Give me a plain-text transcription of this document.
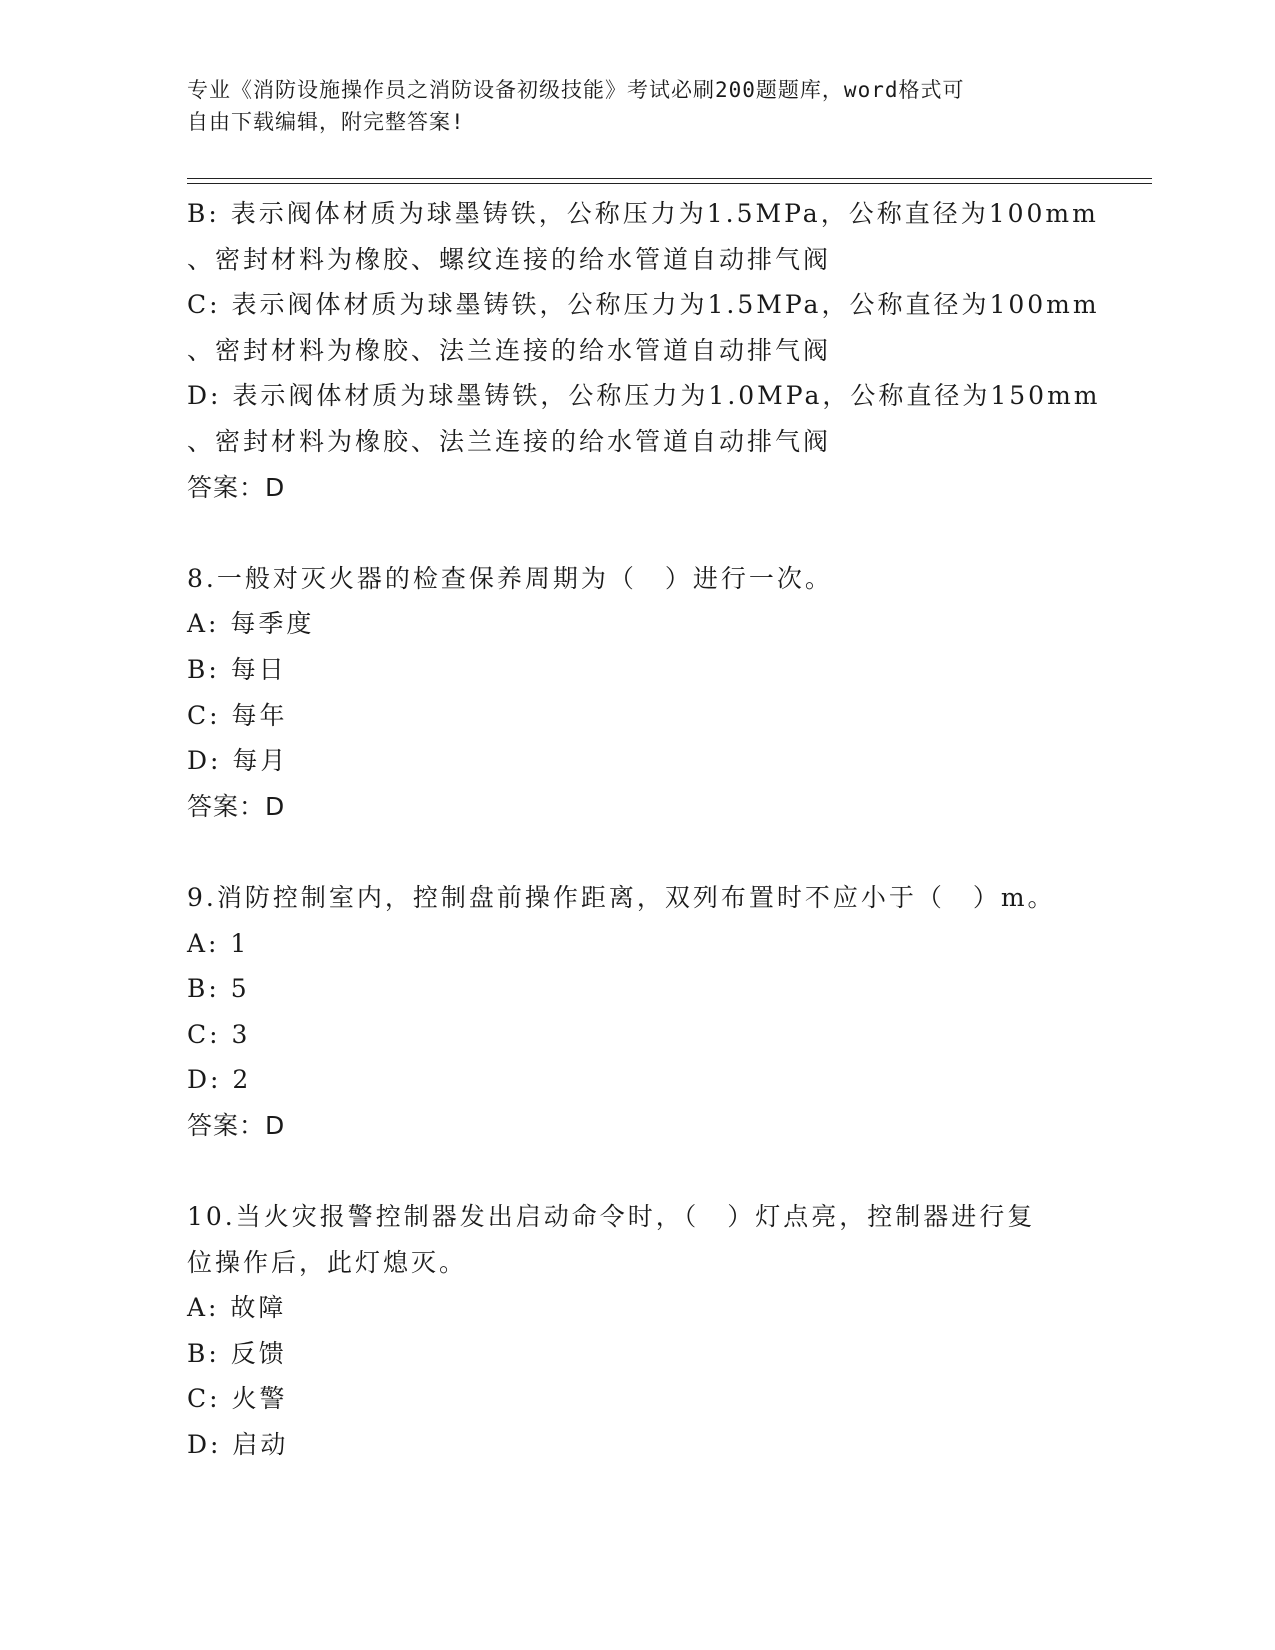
专业《消防设施操作员之消防设备初级技能》考试必刷200题题库，word格式可
自由下载编辑，附完整答案!
B: 表示阀体材质为球墨铸铁，公称压力为1.5MPa，公称直径为100mm
、密封材料为橡胶、螺纹连接的给水管道自动排气阀
C: 表示阀体材质为球墨铸铁，公称压力为1.5MPa，公称直径为100mm
、密封材料为橡胶、法兰连接的给水管道自动排气阀
D: 表示阀体材质为球墨铸铁，公称压力为1.0MPa，公称直径为150mm
、密封材料为橡胶、法兰连接的给水管道自动排气阀
答案：D
8.一般对灭火器的检查保养周期为（　）进行一次。
A: 每季度
B: 每日
C: 每年
D: 每月
答案：D
9.消防控制室内，控制盘前操作距离，双列布置时不应小于（　）m。
A: 1
B: 5
C: 3
D: 2
答案：D
10.当火灾报警控制器发出启动命令时，（　）灯点亮，控制器进行复
位操作后，此灯熄灭。
A: 故障
B: 反馈
C: 火警
D: 启动
